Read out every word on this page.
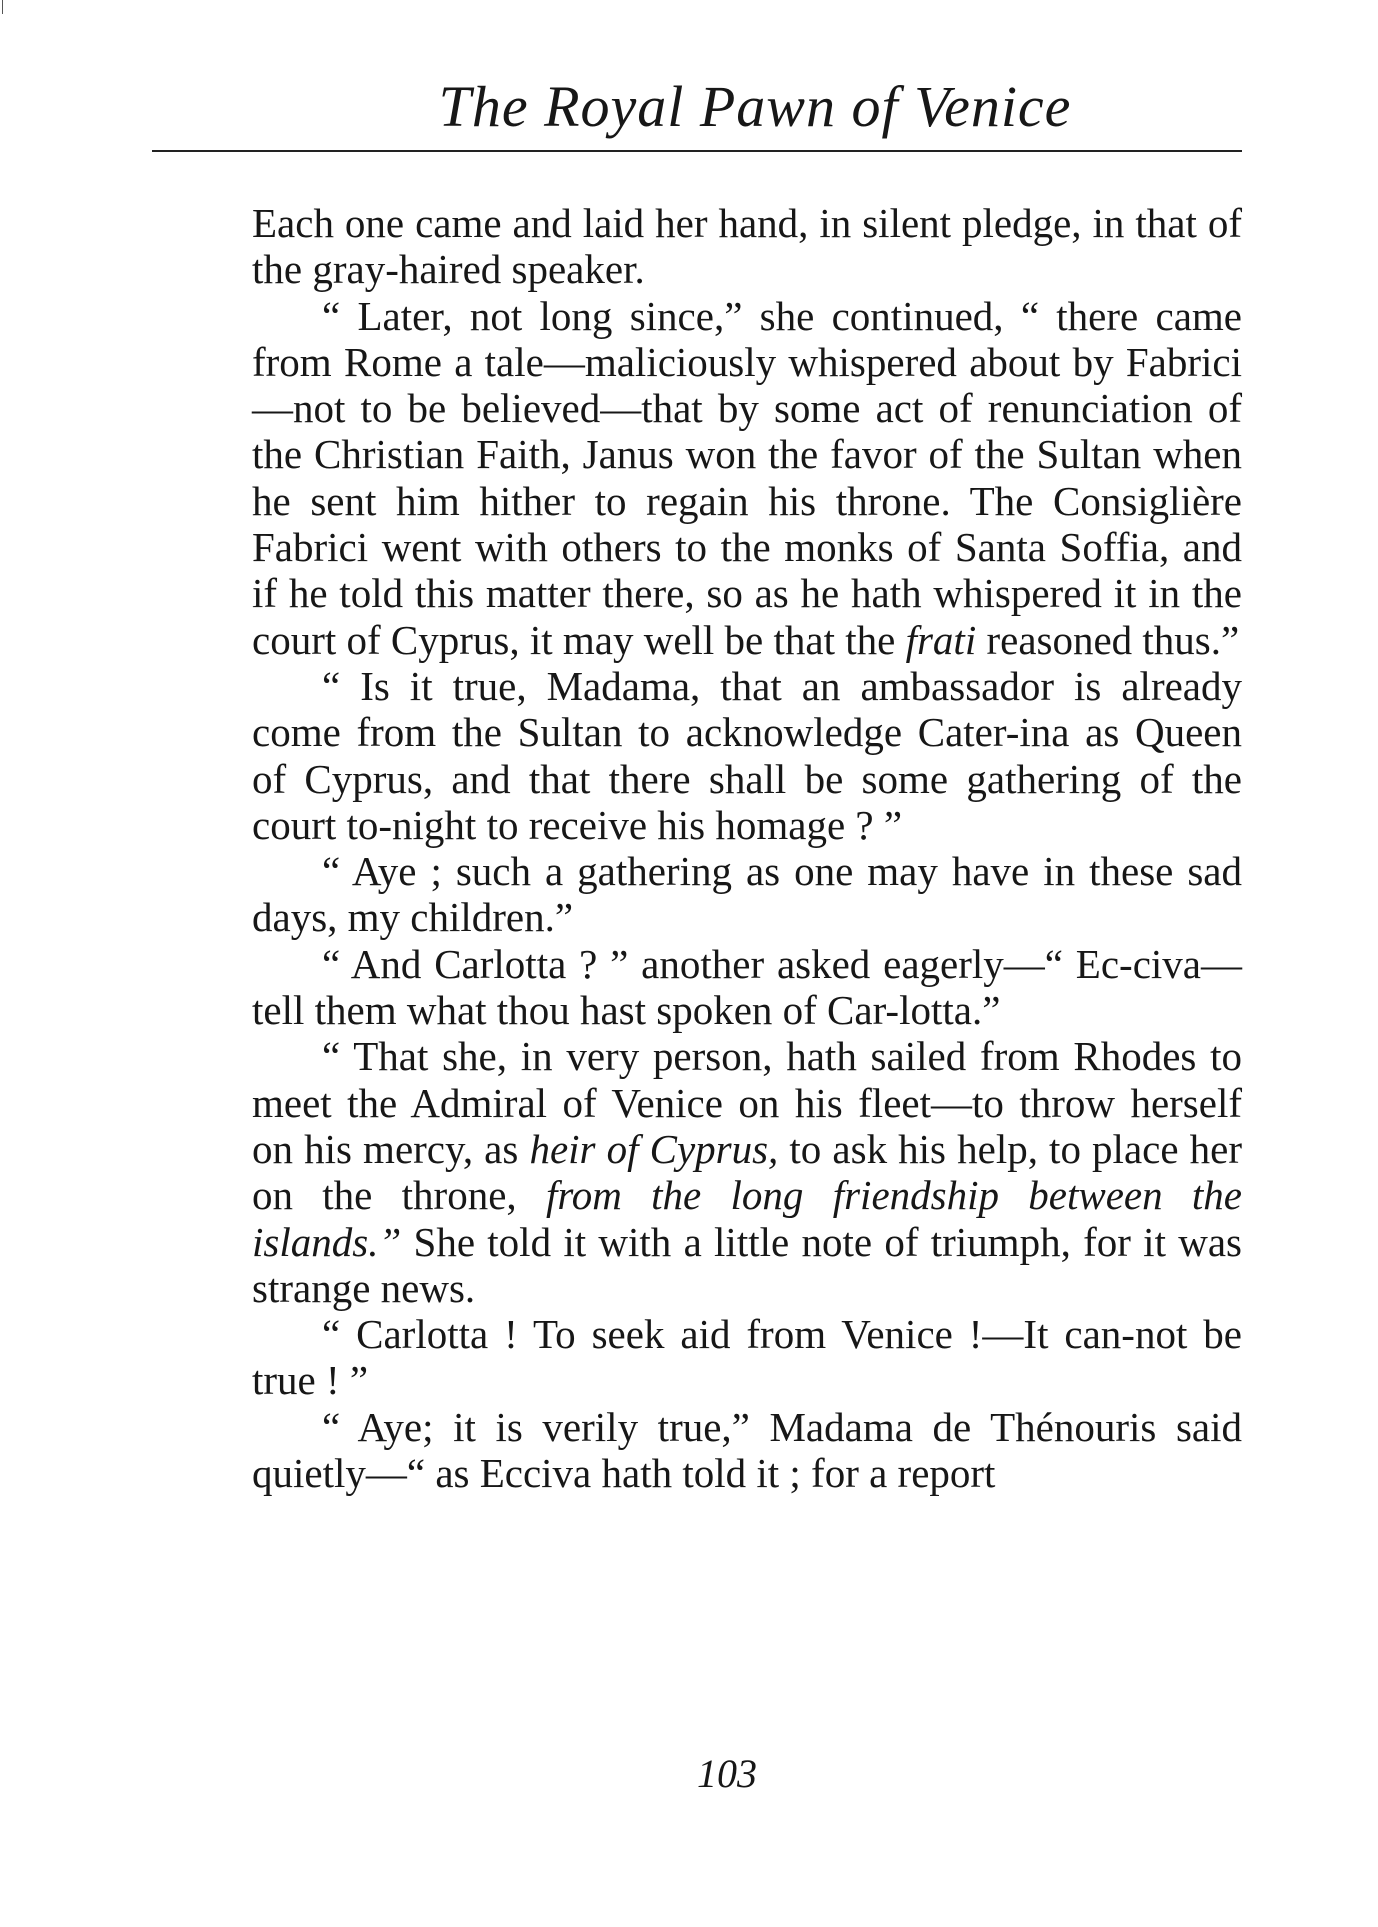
The Royal Pawn of Venice

Each one came and laid her hand, in silent pledge, in that of the gray-haired speaker.

“ Later, not long since,” she continued, “ there came from Rome a tale—maliciously whispered about by Fabrici—not to be believed—that by some act of renunciation of the Christian Faith, Janus won the favor of the Sultan when he sent him hither to regain his throne. The Consiglière Fabrici went with others to the monks of Santa Soffia, and if he told this matter there, so as he hath whispered it in the court of Cyprus, it may well be that the frati reasoned thus.”

“ Is it true, Madama, that an ambassador is already come from the Sultan to acknowledge Cater-ina as Queen of Cyprus, and that there shall be some gathering of the court to-night to receive his homage ? ”

“ Aye ; such a gathering as one may have in these sad days, my children.”

“ And Carlotta ? ” another asked eagerly—“ Ec-civa—tell them what thou hast spoken of Car-lotta.”

“ That she, in very person, hath sailed from Rhodes to meet the Admiral of Venice on his fleet—to throw herself on his mercy, as heir of Cyprus, to ask his help, to place her on the throne, from the long friendship between the islands.” She told it with a little note of triumph, for it was strange news.

“ Carlotta ! To seek aid from Venice !—It can-not be true ! ”

“ Aye; it is verily true,” Madama de Thénouris said quietly—“ as Ecciva hath told it ; for a report

103
